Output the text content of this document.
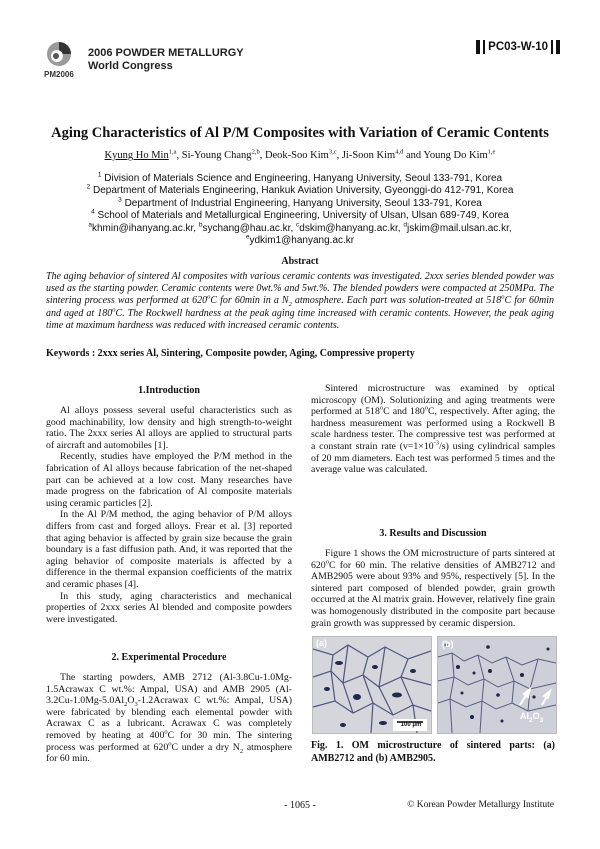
2006 POWDER METALLURGY
World Congress
PM2006
PC03-W-10
Aging Characteristics of Al P/M Composites with Variation of Ceramic Contents
Kyung Ho Min$^{1,a}$, Si-Young Chang$^{2,b}$, Deok-Soo Kim$^{3,c}$, Ji-Soon Kim$^{4,d}$ and Young Do Kim$^{1,e}$
$^1$ Division of Materials Science and Engineering, Hanyang University, Seoul 133-791, Korea
$^2$ Department of Materials Engineering, Hankuk Aviation University, Gyeonggi-do 412-791, Korea
$^3$ Department of Industrial Engineering, Hanyang University, Seoul 133-791, Korea
$^4$ School of Materials and Metallurgical Engineering, University of Ulsan, Ulsan 689-749, Korea
$^a$khmin@ihanyang.ac.kr, $^b$sychang@hau.ac.kr, $^c$dskim@hanyang.ac.kr, $^d$jskim@mail.ulsan.ac.kr,
$^e$ydkim1@hanyang.ac.kr
Abstract
The aging behavior of sintered Al composites with various ceramic contents was investigated. 2xxx series blended powder was used as the starting powder. Ceramic contents were 0wt.% and 5wt.%. The blended powders were compacted at 250MPa. The sintering process was performed at 620$^o$C for 60min in a $N_2$ atmosphere. Each part was solution-treated at 518$^o$C for 60min and aged at 180$^o$C. The Rockwell hardness at the peak aging time increased with ceramic contents. However, the peak aging time at maximum hardness was reduced with increased ceramic contents.
Keywords : 2xxx series Al, Sintering, Composite powder, Aging, Compressive property
1.Introduction

Al alloys possess several useful characteristics such as good machinability, low density and high strength-to-weight ratio. The 2xxx series Al alloys are applied to structural parts of aircraft and automobiles [1].

Recently, studies have employed the P/M method in the fabrication of Al alloys because fabrication of the net-shaped part can be achieved at a low cost. Many researches have made progress on the fabrication of Al composite materials using ceramic particles [2].

In the Al P/M method, the aging behavior of P/M alloys differs from cast and forged alloys. Frear et al. [3] reported that aging behavior is affected by grain size because the grain boundary is a fast diffusion path. And, it was reported that the aging behavior of composite materials is affected by a difference in the thermal expansion coefficients of the matrix and ceramic phases [4].

In this study, aging characteristics and mechanical properties of 2xxx series Al blended and composite powders were investigated.

2. Experimental Procedure

The starting powders, AMB 2712 (Al-3.8Cu-1.0Mg-1.5Acrawax C wt.%: Ampal, USA) and AMB 2905 ($Al-3.2Cu-1.0Mg-5.0Al_2O_3-1.2Acrawax$ C wt.%: Ampal, USA) were fabricated by blending each elemental powder with Acrawax C as a lubricant. Acrawax C was completely removed by heating at 400$^o$C for 30 min. The sintering process was performed at 620$^o$C under a dry $N_2$ atmosphere for 60 min.

Sintered microstructure was examined by optical microscopy (OM). Solutionizing and aging treatments were performed at 518$^o$C and 180$^o$C, respectively. After aging, the hardness measurement was performed using a Rockwell B scale hardness tester. The compressive test was performed at a constant strain rate $(v=1\times 10^{-3}/s)$ using cylindrical samples of 20 mm diameters. Each test was performed 5 times and the average value was calculated.

3. Results and Discussion

Figure 1 shows the OM microstructure of parts sintered at 620$^o$C for 60 min. The relative densities of AMB2712 and AMB2905 were about 93% and 95%, respectively [5]. In the sintered part composed of blended powder, grain growth occurred at the Al matrix grain. However, relatively fine grain was homogenously distributed in the composite part because grain growth was suppressed by ceramic dispersion.

100 μm
(b)
$Al_2O_3$
(a)
Fig. 1. OM microstructure of sintered parts: (a) AMB2712 and (b) AMB2905.
- 1065 -	© Korean Powder Metallurgy Institute
